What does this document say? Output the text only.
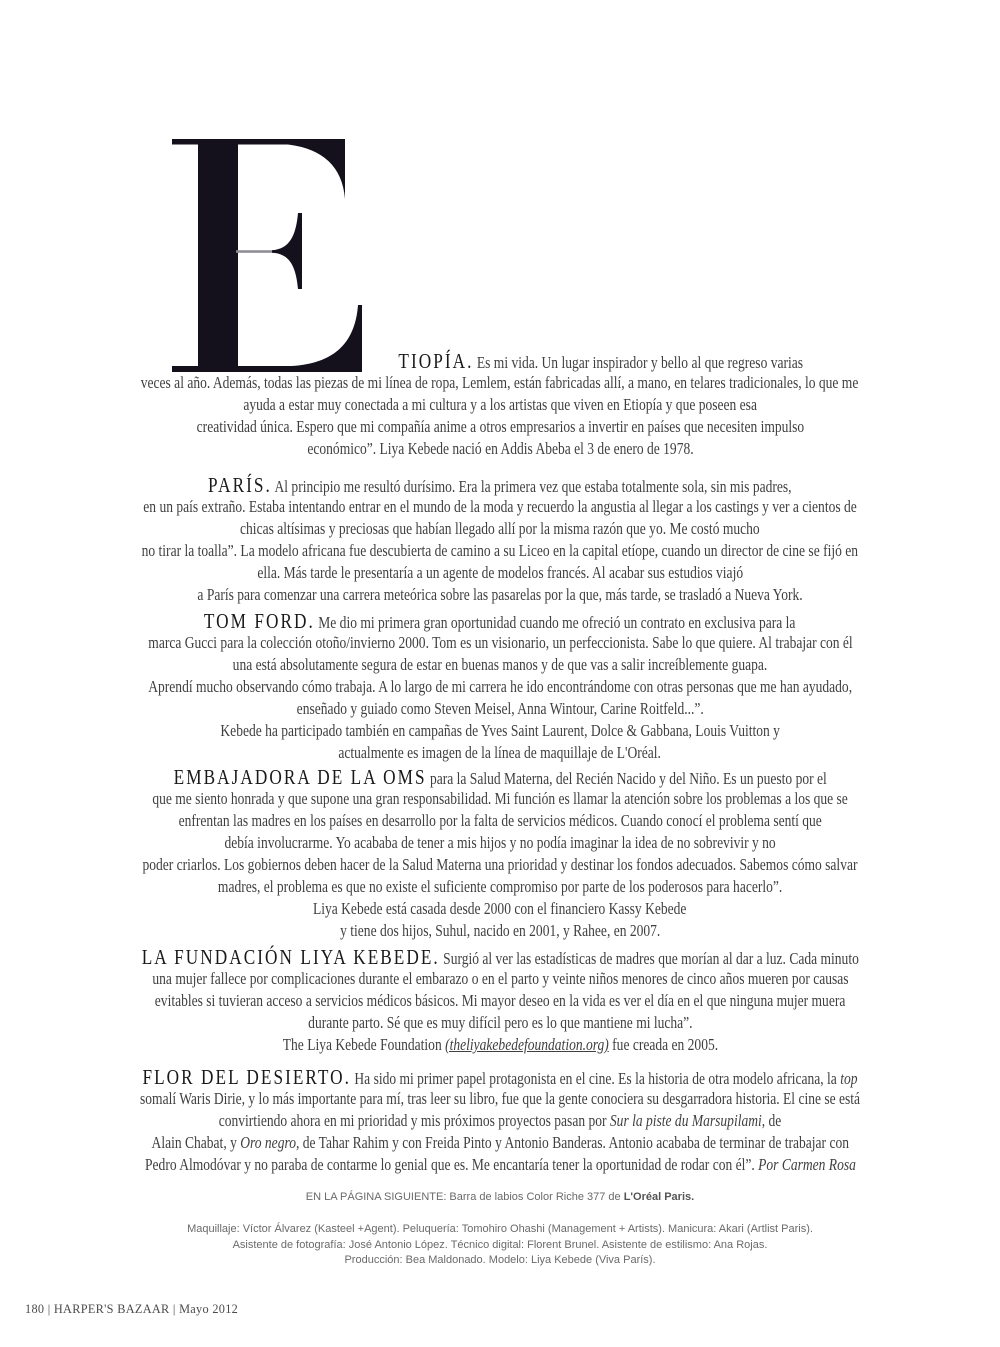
TIOPÍA. Es mi vida. Un lugar inspirador y bello al que regreso varias
veces al año. Además, todas las piezas de mi línea de ropa, Lemlem, están fabricadas allí, a mano, en telares tradicionales, lo que me
ayuda a estar muy conectada a mi cultura y a los artistas que viven en Etiopía y que poseen esa
creatividad única. Espero que mi compañía anime a otros empresarios a invertir en países que necesiten impulso
económico”. Liya Kebede nació en Addis Abeba el 3 de enero de 1978.
PARÍS. Al principio me resultó durísimo. Era la primera vez que estaba totalmente sola, sin mis padres,
en un país extraño. Estaba intentando entrar en el mundo de la moda y recuerdo la angustia al llegar a los castings y ver a cientos de
chicas altísimas y preciosas que habían llegado allí por la misma razón que yo. Me costó mucho
no tirar la toalla”. La modelo africana fue descubierta de camino a su Liceo en la capital etíope, cuando un director de cine se fijó en
ella. Más tarde le presentaría a un agente de modelos francés. Al acabar sus estudios viajó
a París para comenzar una carrera meteórica sobre las pasarelas por la que, más tarde, se trasladó a Nueva York.
TOM FORD. Me dio mi primera gran oportunidad cuando me ofreció un contrato en exclusiva para la
marca Gucci para la colección otoño/invierno 2000. Tom es un visionario, un perfeccionista. Sabe lo que quiere. Al trabajar con él
una está absolutamente segura de estar en buenas manos y de que vas a salir increíblemente guapa.
Aprendí mucho observando cómo trabaja. A lo largo de mi carrera he ido encontrándome con otras personas que me han ayudado,
enseñado y guiado como Steven Meisel, Anna Wintour, Carine Roitfeld...”.
Kebede ha participado también en campañas de Yves Saint Laurent, Dolce & Gabbana, Louis Vuitton y
actualmente es imagen de la línea de maquillaje de L'Oréal.
EMBAJADORA DE LA OMS para la Salud Materna, del Recién Nacido y del Niño. Es un puesto por el
que me siento honrada y que supone una gran responsabilidad. Mi función es llamar la atención sobre los problemas a los que se
enfrentan las madres en los países en desarrollo por la falta de servicios médicos. Cuando conocí el problema sentí que
debía involucrarme. Yo acababa de tener a mis hijos y no podía imaginar la idea de no sobrevivir y no
poder criarlos. Los gobiernos deben hacer de la Salud Materna una prioridad y destinar los fondos adecuados. Sabemos cómo salvar
madres, el problema es que no existe el suficiente compromiso por parte de los poderosos para hacerlo”.
Liya Kebede está casada desde 2000 con el financiero Kassy Kebede
y tiene dos hijos, Suhul, nacido en 2001, y Rahee, en 2007.
LA FUNDACIÓN LIYA KEBEDE. Surgió al ver las estadísticas de madres que morían al dar a luz. Cada minuto
una mujer fallece por complicaciones durante el embarazo o en el parto y veinte niños menores de cinco años mueren por causas
evitables si tuvieran acceso a servicios médicos básicos. Mi mayor deseo en la vida es ver el día en el que ninguna mujer muera
durante parto. Sé que es muy difícil pero es lo que mantiene mi lucha”.
The Liya Kebede Foundation (theliyakebedefoundation.org) fue creada en 2005.
FLOR DEL DESIERTO. Ha sido mi primer papel protagonista en el cine. Es la historia de otra modelo africana, la top
somalí Waris Dirie, y lo más importante para mí, tras leer su libro, fue que la gente conociera su desgarradora historia. El cine se está
convirtiendo ahora en mi prioridad y mis próximos proyectos pasan por Sur la piste du Marsupilami, de
Alain Chabat, y Oro negro, de Tahar Rahim y con Freida Pinto y Antonio Banderas. Antonio acababa de terminar de trabajar con
Pedro Almodóvar y no paraba de contarme lo genial que es. Me encantaría tener la oportunidad de rodar con él”. Por Carmen Rosa
EN LA PÁGINA SIGUIENTE: Barra de labios Color Riche 377 de L'Oréal Paris.
Maquillaje: Víctor Álvarez (Kasteel +Agent). Peluquería: Tomohiro Ohashi (Management + Artists). Manicura: Akari (Artlist Paris).
Asistente de fotografía: José Antonio López. Técnico digital: Florent Brunel. Asistente de estilismo: Ana Rojas.
Producción: Bea Maldonado. Modelo: Liya Kebede (Viva París).
180 | HARPER'S BAZAAR | Mayo 2012
